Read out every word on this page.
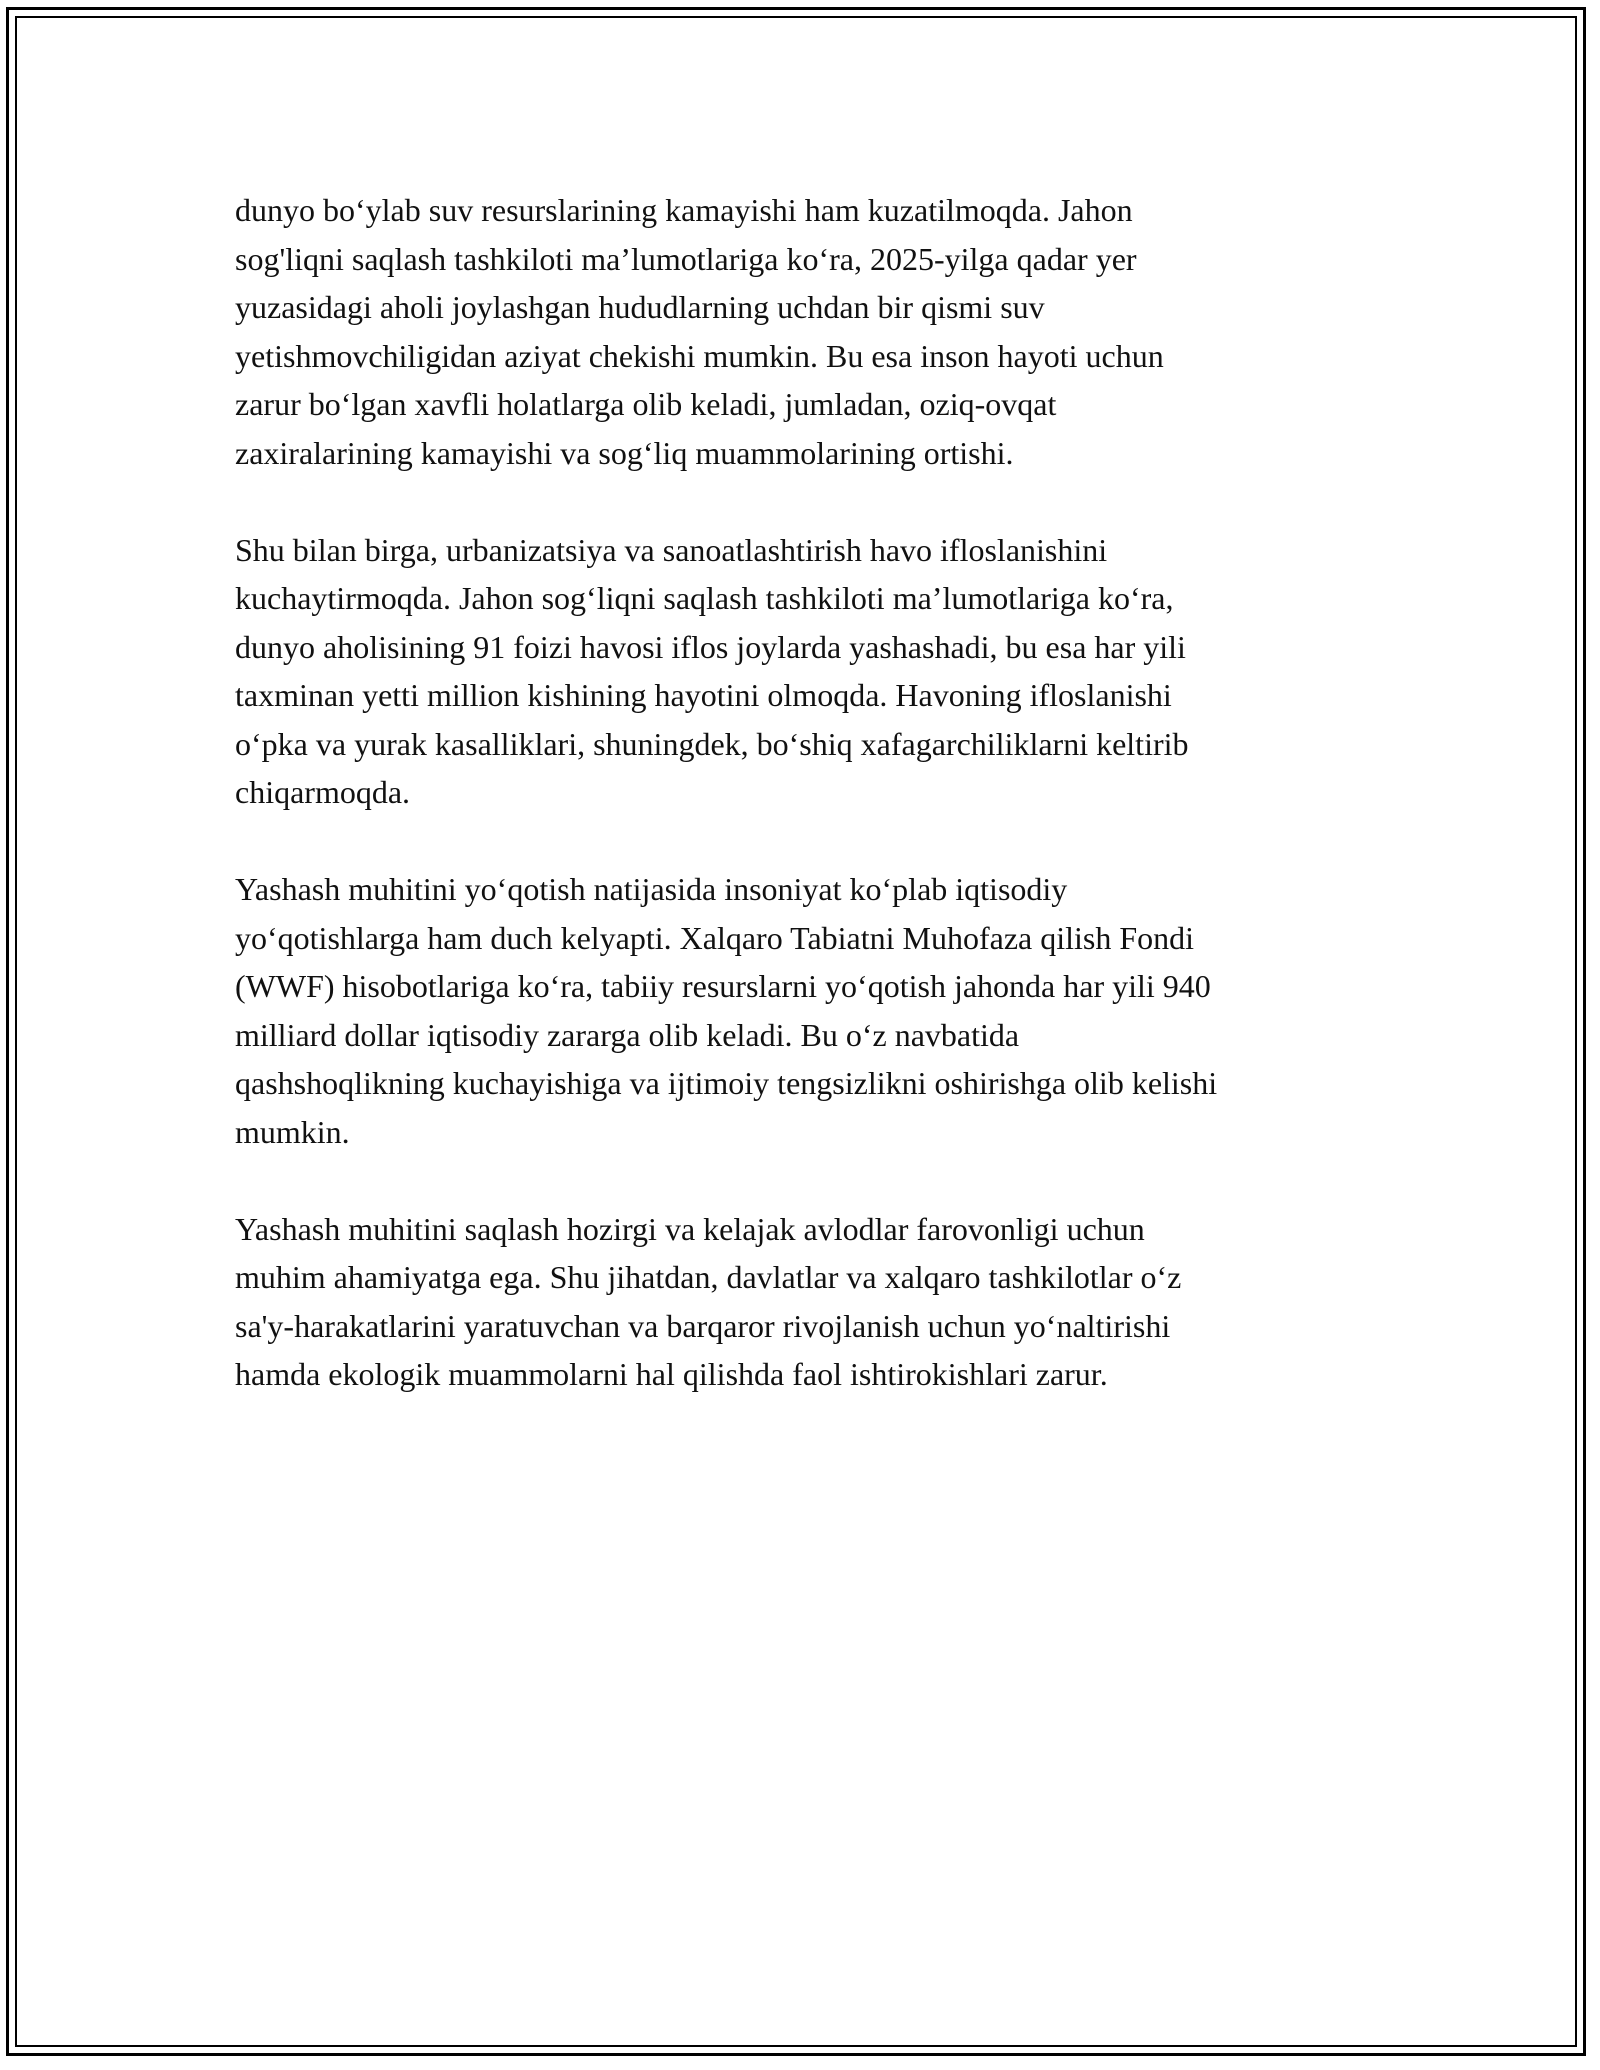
dunyo bo‘ylab suv resurslarining kamayishi ham kuzatilmoqda. Jahon
sog'liqni saqlash tashkiloti ma’lumotlariga ko‘ra, 2025-yilga qadar yer
yuzasidagi aholi joylashgan hududlarning uchdan bir qismi suv
yetishmovchiligidan aziyat chekishi mumkin. Bu esa inson hayoti uchun
zarur bo‘lgan xavfli holatlarga olib keladi, jumladan, oziq-ovqat
zaxiralarining kamayishi va sog‘liq muammolarining ortishi.

Shu bilan birga, urbanizatsiya va sanoatlashtirish havo ifloslanishini
kuchaytirmoqda. Jahon sog‘liqni saqlash tashkiloti ma’lumotlariga ko‘ra,
dunyo aholisining 91 foizi havosi iflos joylarda yashashadi, bu esa har yili
taxminan yetti million kishining hayotini olmoqda. Havoning ifloslanishi
o‘pka va yurak kasalliklari, shuningdek, bo‘shiq xafagarchiliklarni keltirib
chiqarmoqda.

Yashash muhitini yo‘qotish natijasida insoniyat ko‘plab iqtisodiy
yo‘qotishlarga ham duch kelyapti. Xalqaro Tabiatni Muhofaza qilish Fondi
(WWF) hisobotlariga ko‘ra, tabiiy resurslarni yo‘qotish jahonda har yili 940
milliard dollar iqtisodiy zararga olib keladi. Bu o‘z navbatida
qashshoqlikning kuchayishiga va ijtimoiy tengsizlikni oshirishga olib kelishi
mumkin.

Yashash muhitini saqlash hozirgi va kelajak avlodlar farovonligi uchun
muhim ahamiyatga ega. Shu jihatdan, davlatlar va xalqaro tashkilotlar o‘z
sa'y-harakatlarini yaratuvchan va barqaror rivojlanish uchun yo‘naltirishi
hamda ekologik muammolarni hal qilishda faol ishtirokishlari zarur.
